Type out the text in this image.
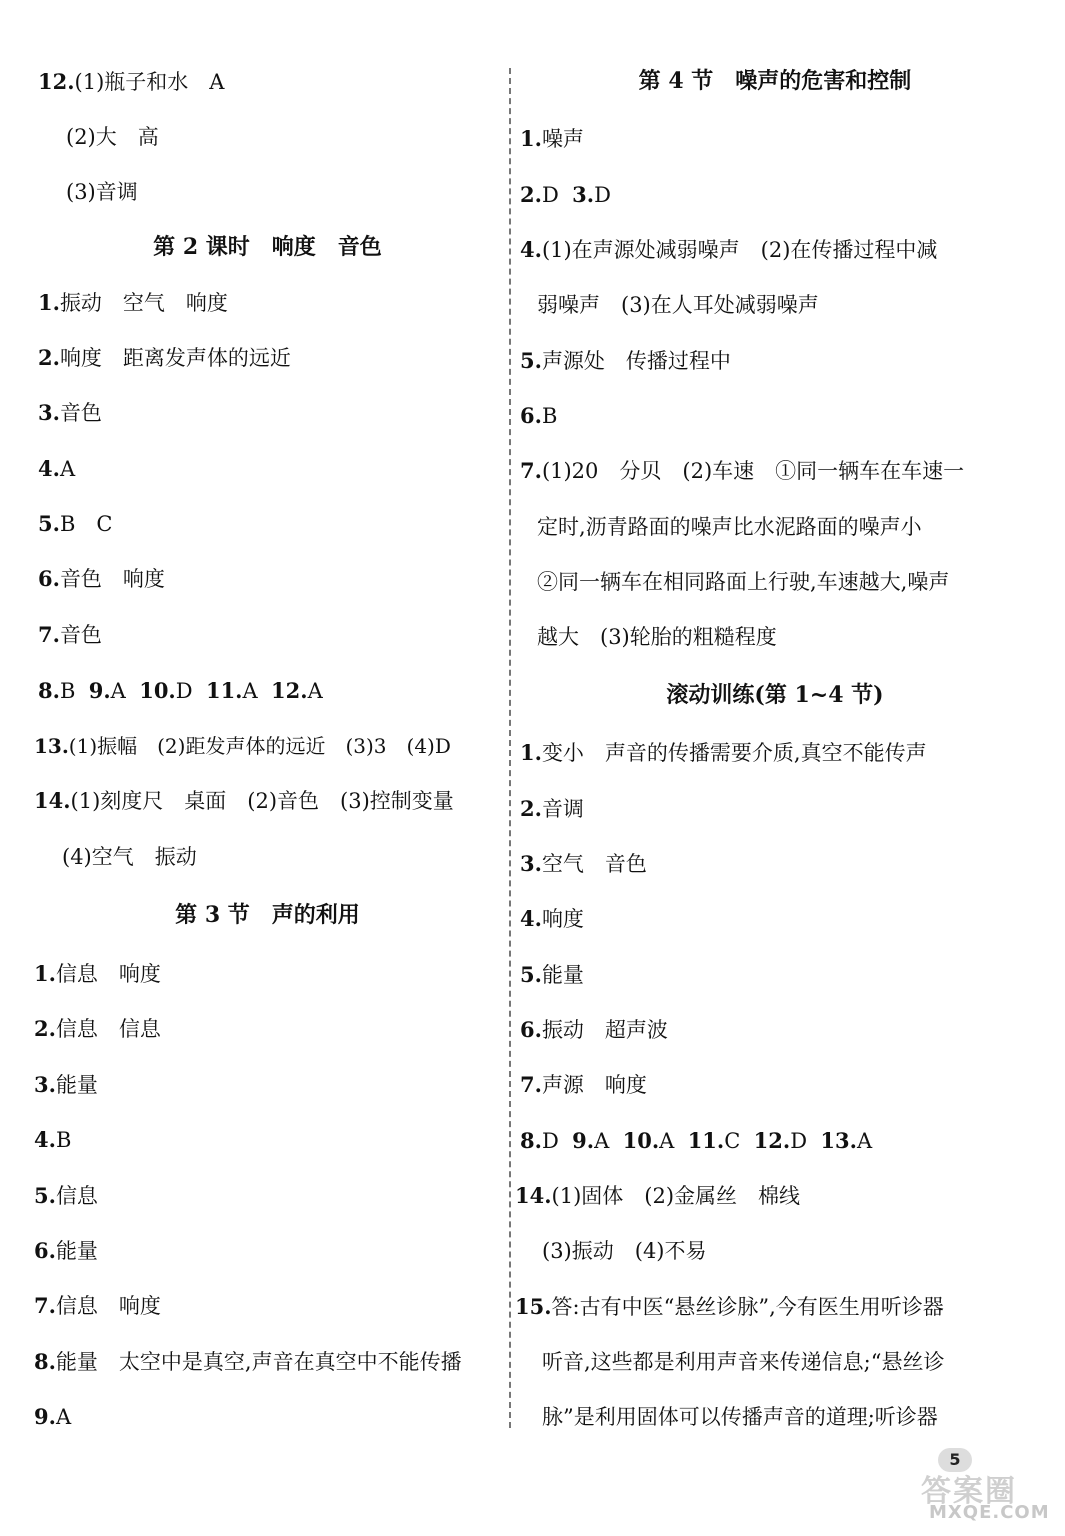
12.(1)瓶子和水　A
(2)大　高
(3)音调
第 2 课时　响度　音色
1.振动　空气　响度
2.响度　距离发声体的远近
3.音色
4.A
5.B　C
6.音色　响度
7.音色
8.B 9.A 10.D 11.A 12.A
13.(1)振幅　(2)距发声体的远近　(3)3　(4)D
14.(1)刻度尺　桌面　(2)音色　(3)控制变量
(4)空气　振动
第 3 节　声的利用
1.信息　响度
2.信息　信息
3.能量
4.B
5.信息
6.能量
7.信息　响度
8.能量　太空中是真空,声音在真空中不能传播
9.A
第 4 节　噪声的危害和控制
1.噪声
2.D 3.D
4.(1)在声源处减弱噪声　(2)在传播过程中减
弱噪声　(3)在人耳处减弱噪声
5.声源处　传播过程中
6.B
7.(1)20　分贝　(2)车速　①同一辆车在车速一
定时,沥青路面的噪声比水泥路面的噪声小
②同一辆车在相同路面上行驶,车速越大,噪声
越大　(3)轮胎的粗糙程度
滚动训练(第 1~4 节)
1.变小　声音的传播需要介质,真空不能传声
2.音调
3.空气　音色
4.响度
5.能量
6.振动　超声波
7.声源　响度
8.D 9.A 10.A 11.C 12.D 13.A
14.(1)固体　(2)金属丝　棉线
(3)振动　(4)不易
15.答:古有中医“悬丝诊脉”,今有医生用听诊器
听音,这些都是利用声音来传递信息;“悬丝诊
脉”是利用固体可以传播声音的道理;听诊器
5
答案圈
MXQE.COM
